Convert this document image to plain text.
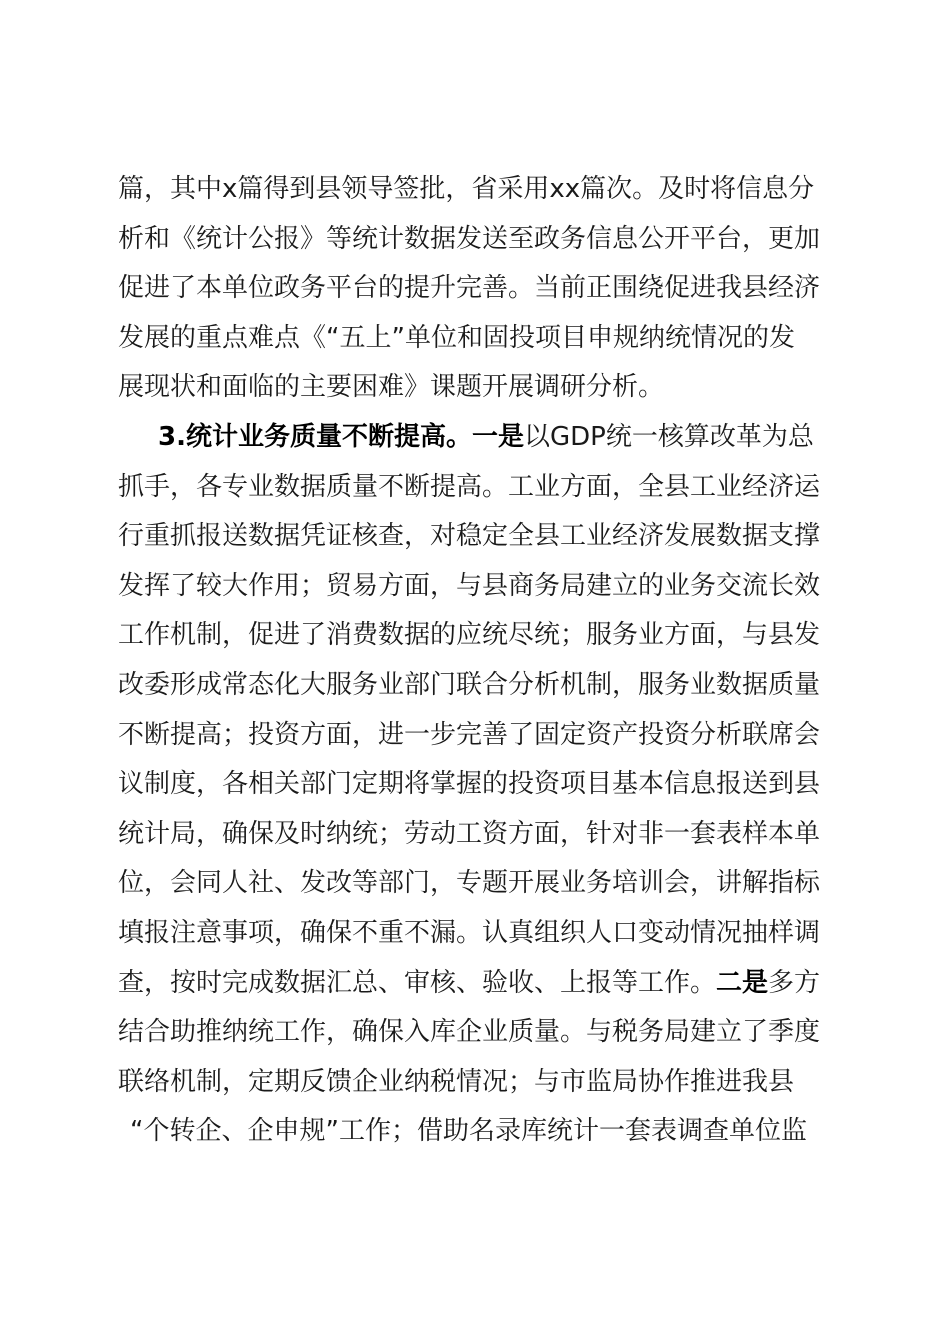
篇，其中x篇得到县领导签批，省采用xx篇次。及时将信息分
析和《统计公报》等统计数据发送至政务信息公开平台，更加
促进了本单位政务平台的提升完善。当前正围绕促进我县经济
发展的重点难点《“五上”单位和固投项目申规纳统情况的发
展现状和面临的主要困难》课题开展调研分析。
3.统计业务质量不断提高。一是以GDP统一核算改革为总
抓手，各专业数据质量不断提高。工业方面，全县工业经济运
行重抓报送数据凭证核查，对稳定全县工业经济发展数据支撑
发挥了较大作用；贸易方面，与县商务局建立的业务交流长效
工作机制，促进了消费数据的应统尽统；服务业方面，与县发
改委形成常态化大服务业部门联合分析机制，服务业数据质量
不断提高；投资方面，进一步完善了固定资产投资分析联席会
议制度，各相关部门定期将掌握的投资项目基本信息报送到县
统计局，确保及时纳统；劳动工资方面，针对非一套表样本单
位，会同人社、发改等部门，专题开展业务培训会，讲解指标
填报注意事项，确保不重不漏。认真组织人口变动情况抽样调
查，按时完成数据汇总、审核、验收、上报等工作。二是多方
结合助推纳统工作，确保入库企业质量。与税务局建立了季度
联络机制，定期反馈企业纳税情况；与市监局协作推进我县
“个转企、企申规”工作；借助名录库统计一套表调查单位监
